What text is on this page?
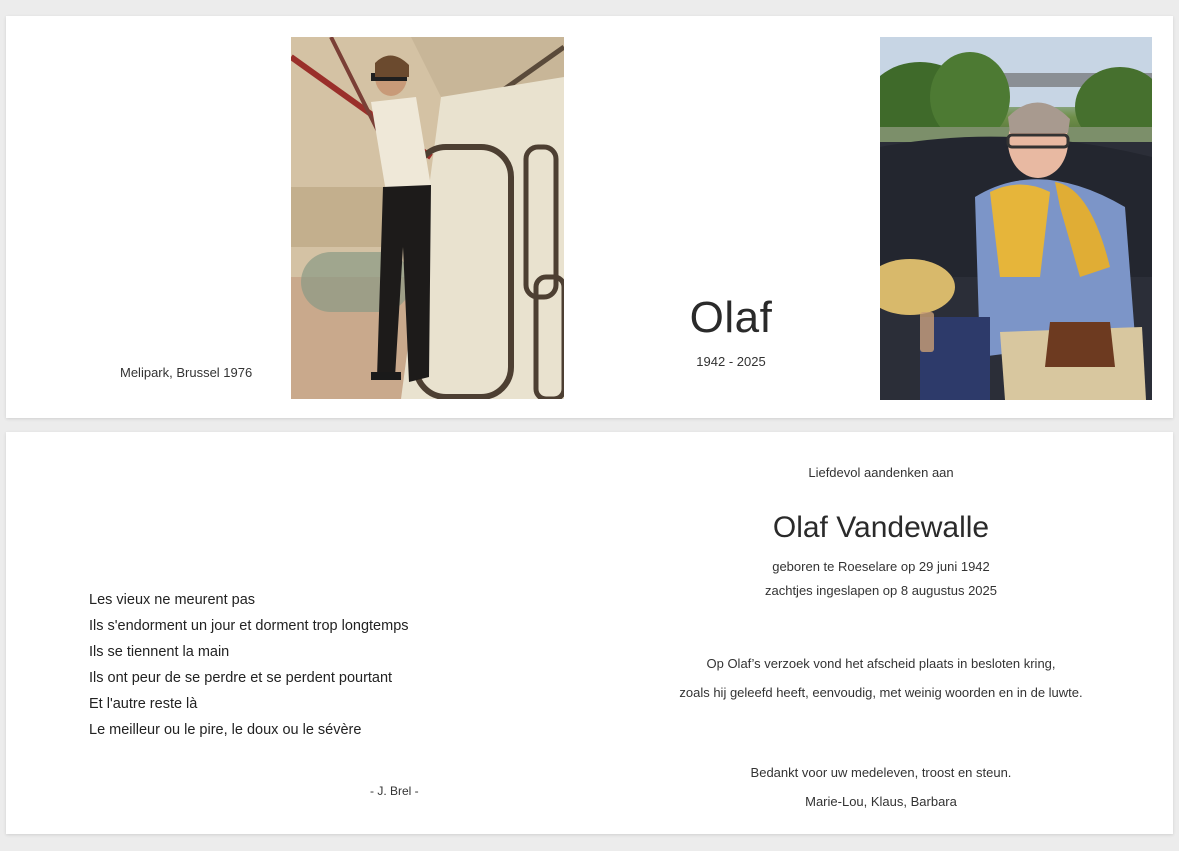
Melipark, Brussel 1976
Olaf
1942 - 2025
Les vieux ne meurent pas
Ils s'endorment un jour et dorment trop longtemps
Ils se tiennent la main
Ils ont peur de se perdre et se perdent pourtant
Et l'autre reste là
Le meilleur ou le pire, le doux ou le sévère
- J. Brel -
Liefdevol aandenken aan
Olaf Vandewalle
geboren te Roeselare op 29 juni 1942
zachtjes ingeslapen op 8 augustus 2025
Op Olaf’s verzoek vond het afscheid plaats in besloten kring,
zoals hij geleefd heeft, eenvoudig, met weinig woorden en in de luwte.
Bedankt voor uw medeleven, troost en steun.
Marie-Lou, Klaus, Barbara
